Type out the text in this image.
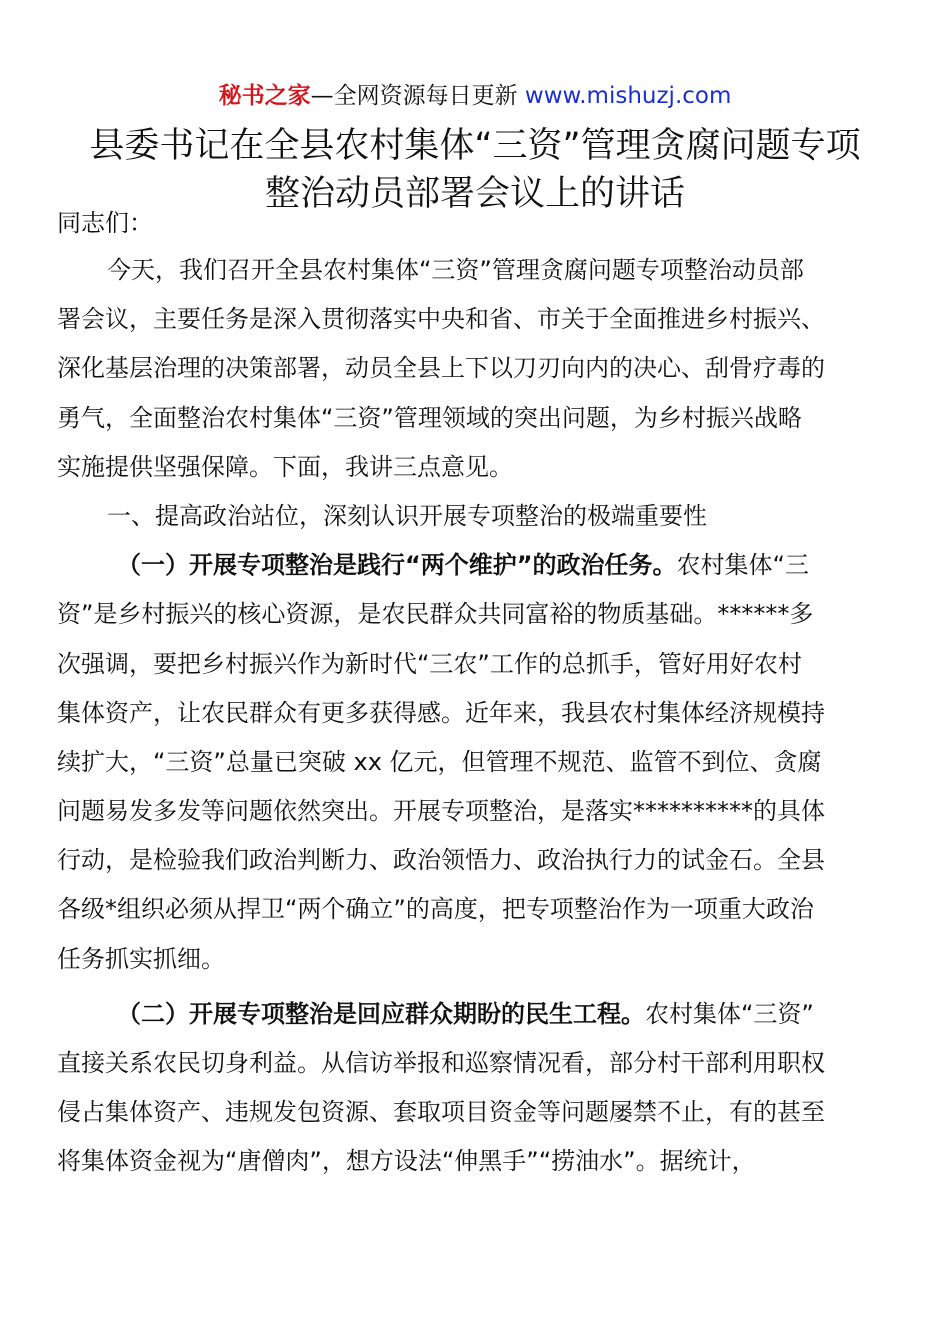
秘书之家—全网资源每日更新 www.mishuzj.com
县委书记在全县农村集体“三资”管理贪腐问题专项
整治动员部署会议上的讲话
同志们：
今天，我们召开全县农村集体“三资”管理贪腐问题专项整治动员部
署会议，主要任务是深入贯彻落实中央和省、市关于全面推进乡村振兴、
深化基层治理的决策部署，动员全县上下以刀刃向内的决心、刮骨疗毒的
勇气，全面整治农村集体“三资”管理领域的突出问题，为乡村振兴战略
实施提供坚强保障。下面，我讲三点意见。
一、提高政治站位，深刻认识开展专项整治的极端重要性
（一）开展专项整治是践行“两个维护”的政治任务。农村集体“三
资”是乡村振兴的核心资源，是农民群众共同富裕的物质基础。******多
次强调，要把乡村振兴作为新时代“三农”工作的总抓手，管好用好农村
集体资产，让农民群众有更多获得感。近年来，我县农村集体经济规模持
续扩大，“三资”总量已突破 xx 亿元，但管理不规范、监管不到位、贪腐
问题易发多发等问题依然突出。开展专项整治，是落实**********的具体
行动，是检验我们政治判断力、政治领悟力、政治执行力的试金石。全县
各级*组织必须从捍卫“两个确立”的高度，把专项整治作为一项重大政治
任务抓实抓细。
（二）开展专项整治是回应群众期盼的民生工程。农村集体“三资”
直接关系农民切身利益。从信访举报和巡察情况看，部分村干部利用职权
侵占集体资产、违规发包资源、套取项目资金等问题屡禁不止，有的甚至
将集体资金视为“唐僧肉”，想方设法“伸黑手”“捞油水”。据统计，
